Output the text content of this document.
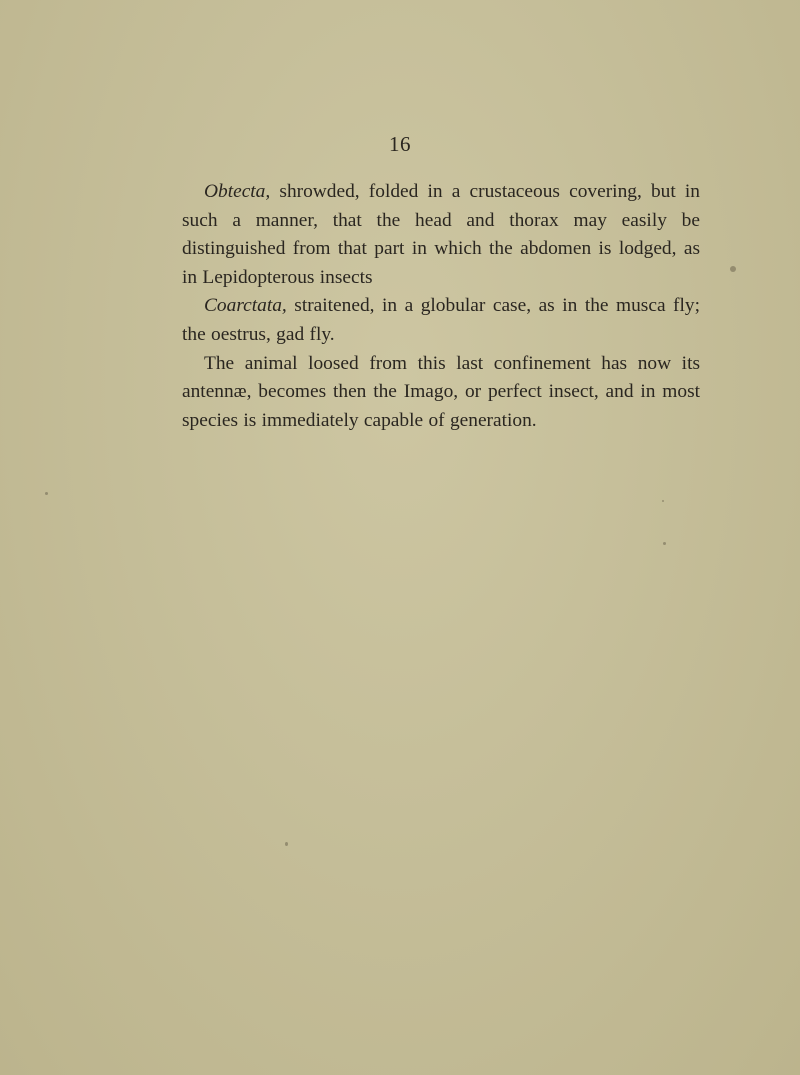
16

Obtecta, shrowded, folded in a crustaceous covering, but in such a manner, that the head and thorax may easily be distinguished from that part in which the abdomen is lodged, as in Lepidopterous insects

Coarctata, straitened, in a globular case, as in the musca fly; the oestrus, gad fly.

The animal loosed from this last confinement has now its antennæ, becomes then the Imago, or perfect insect, and in most species is immediately capable of generation.
